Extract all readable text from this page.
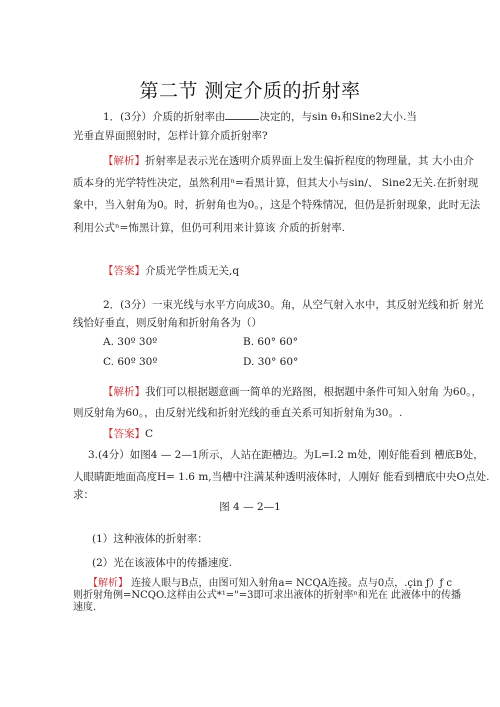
第二节 测定介质的折射率
1．(3分）介质的折射率由	决定的，与sin θ₁和Sine2大小.当
光垂直界面照射时，怎样计算介质折射率?
【解析】折射率是表示光在透明介质界面上发生偏折程度的物理量，其 大小由介
质本身的光学特性决定，虽然利用ⁿ=看黑计算，但其大小与sin/、 Sine2无关.在折射现
象中，当入射角为0。时，折射角也为0。，这是个特殊情况，但仍是折射现象，此时无法
利用公式ⁿ=怖黑计算，但仍可利用来计算该 介质的折射率.
【答案】介质光学性质无关,q
2．(3分）一束光线与水平方向成30。角，从空气射入水中，其反射光线和折 射光
线恰好垂直，则反射角和折射角各为（）
A. 30º 30º	B. 60° 60°
C. 60º 30º	D. 30° 60°
【解析】我们可以根据题意画一简单的光路图，根据题中条件可知入射角 为60。，
则反射角为60。，由反射光线和折射光线的垂直关系可知折射角为30。.
【答案】C
3.(4分）如图4 — 2—1所示，人站在距槽边。为L=I.2 m处，刚好能看到 槽底B处，
人眼睛距地面高度H= 1.6 m,当槽中注满某种透明液体时，人刚好 能看到槽底中央O点处.
求：
图 4 — 2—1
(1）这种液体的折射率：
(2）光在该液体中的传播速度.
【解析】 连接人眼与B点，由图可知入射角a= NCQA连接。点与0点，.çin ƒ）ƒ c
则折射角例=NCQO.这样由公式*¹="=3即可求出液体的折射率ⁿ和光在 此液体中的传播
速度.
